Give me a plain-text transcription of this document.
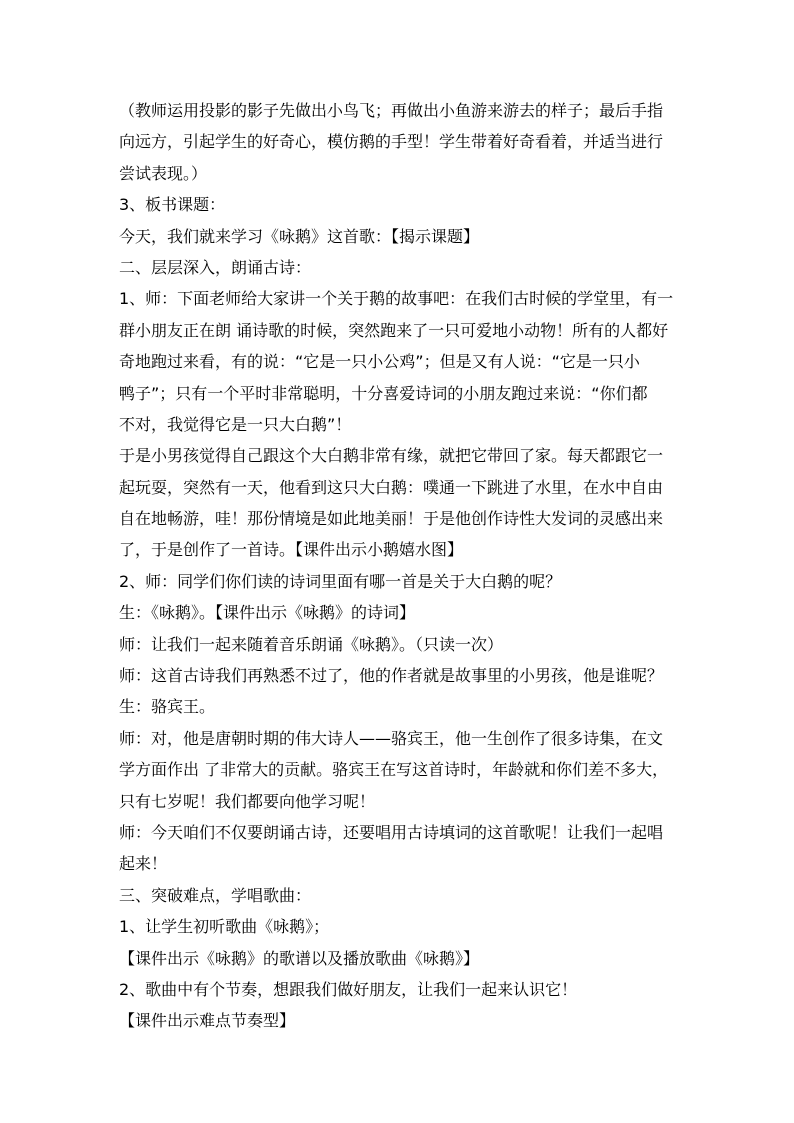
（教师运用投影的影子先做出小鸟飞；再做出小鱼游来游去的样子；最后手指
向远方，引起学生的好奇心，模仿鹅的手型！学生带着好奇看着，并适当进行
尝试表现。）
3、板书课题：
今天，我们就来学习《咏鹅》这首歌：【揭示课题】
二、层层深入，朗诵古诗：
1、师：下面老师给大家讲一个关于鹅的故事吧：在我们古时候的学堂里，有一
群小朋友正在朗 诵诗歌的时候，突然跑来了一只可爱地小动物！所有的人都好
奇地跑过来看，有的说：“它是一只小公鸡”；但是又有人说：“它是一只小
鸭子”；只有一个平时非常聪明，十分喜爱诗词的小朋友跑过来说：“你们都
不对，我觉得它是一只大白鹅”！
于是小男孩觉得自己跟这个大白鹅非常有缘，就把它带回了家。每天都跟它一
起玩耍，突然有一天，他看到这只大白鹅：噗通一下跳进了水里，在水中自由
自在地畅游，哇！那份情境是如此地美丽！于是他创作诗性大发词的灵感出来
了，于是创作了一首诗。【课件出示小鹅嬉水图】
2、师：同学们你们读的诗词里面有哪一首是关于大白鹅的呢？
生：《咏鹅》。【课件出示《咏鹅》的诗词】
师：让我们一起来随着音乐朗诵《咏鹅》。（只读一次）
师：这首古诗我们再熟悉不过了，他的作者就是故事里的小男孩，他是谁呢？
生：骆宾王。
师：对，他是唐朝时期的伟大诗人——骆宾王，他一生创作了很多诗集，在文
学方面作出 了非常大的贡献。骆宾王在写这首诗时，年龄就和你们差不多大，
只有七岁呢！我们都要向他学习呢！
师：今天咱们不仅要朗诵古诗，还要唱用古诗填词的这首歌呢！让我们一起唱
起来！
三、突破难点，学唱歌曲：
1、让学生初听歌曲《咏鹅》；
【课件出示《咏鹅》的歌谱以及播放歌曲《咏鹅》】
2、歌曲中有个节奏，想跟我们做好朋友，让我们一起来认识它！
【课件出示难点节奏型】
